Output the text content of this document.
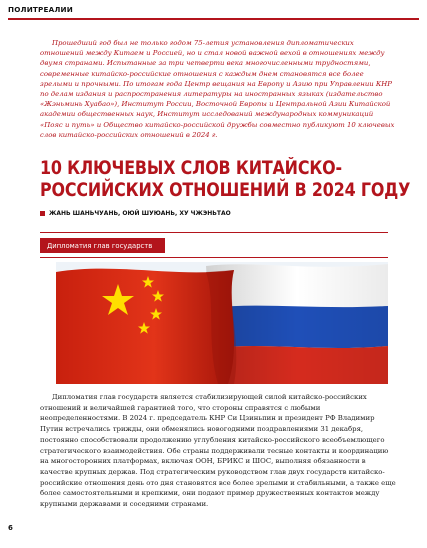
ПОЛИТРЕАЛИИ

Прошедший год был не только годом 75-летия установления дипломатических отношений между Китаем и Россией, но и стал новой важной вехой в отношениях между двумя странами. Испытанные за три четверти века многочисленными трудностями, современные китайско-российские отношения с каждым днем становятся все более зрелыми и прочными. По итогам года Центр вещания на Европу и Азию при Управлении КНР по делам издания и распространения литературы на иностранных языках (издательство «Жэньминь Хуабао»), Институт России, Восточной Европы и Центральной Азии Китайской академии общественных наук, Институт исследований международных коммуникаций «Пояс и путь» и Общество китайско-российской дружбы совместно публикуют 10 ключевых слов китайско-российских отношений в 2024 г.

10 КЛЮЧЕВЫХ СЛОВ КИТАЙСКО-
РОССИЙСКИХ ОТНОШЕНИЙ В 2024 ГОДУ
ЖАНЬ ШАНЬЧУАНЬ, ОЮЙ ШУЮАНЬ, ХУ ЧЖЭНЬТАО
Дипломатия глав государств

Дипломатия глав государств является стабилизирующей силой китайско-российских отношений и величайшей гарантией того, что стороны справятся с любыми неопределенностями. В 2024 г. председатель КНР Си Цзиньпин и президент РФ Владимир Путин встречались трижды, они обменялись новогодними поздравлениями 31 декабря, постоянно способствовали продолжению углубления китайско-российского всеобъемлющего стратегического взаимодействия. Обе страны поддерживали тесные контакты и координацию на многосторонних платформах, включая ООН, БРИКС и ШОС, выполняя обязанности в качестве крупных держав. Под стратегическим руководством глав двух государств китайско-российские отношения день ото дня становятся все более зрелыми и стабильными, а также еще более самостоятельными и крепкими, они подают пример дружественных контактов между крупными державами и соседними странами.

6
